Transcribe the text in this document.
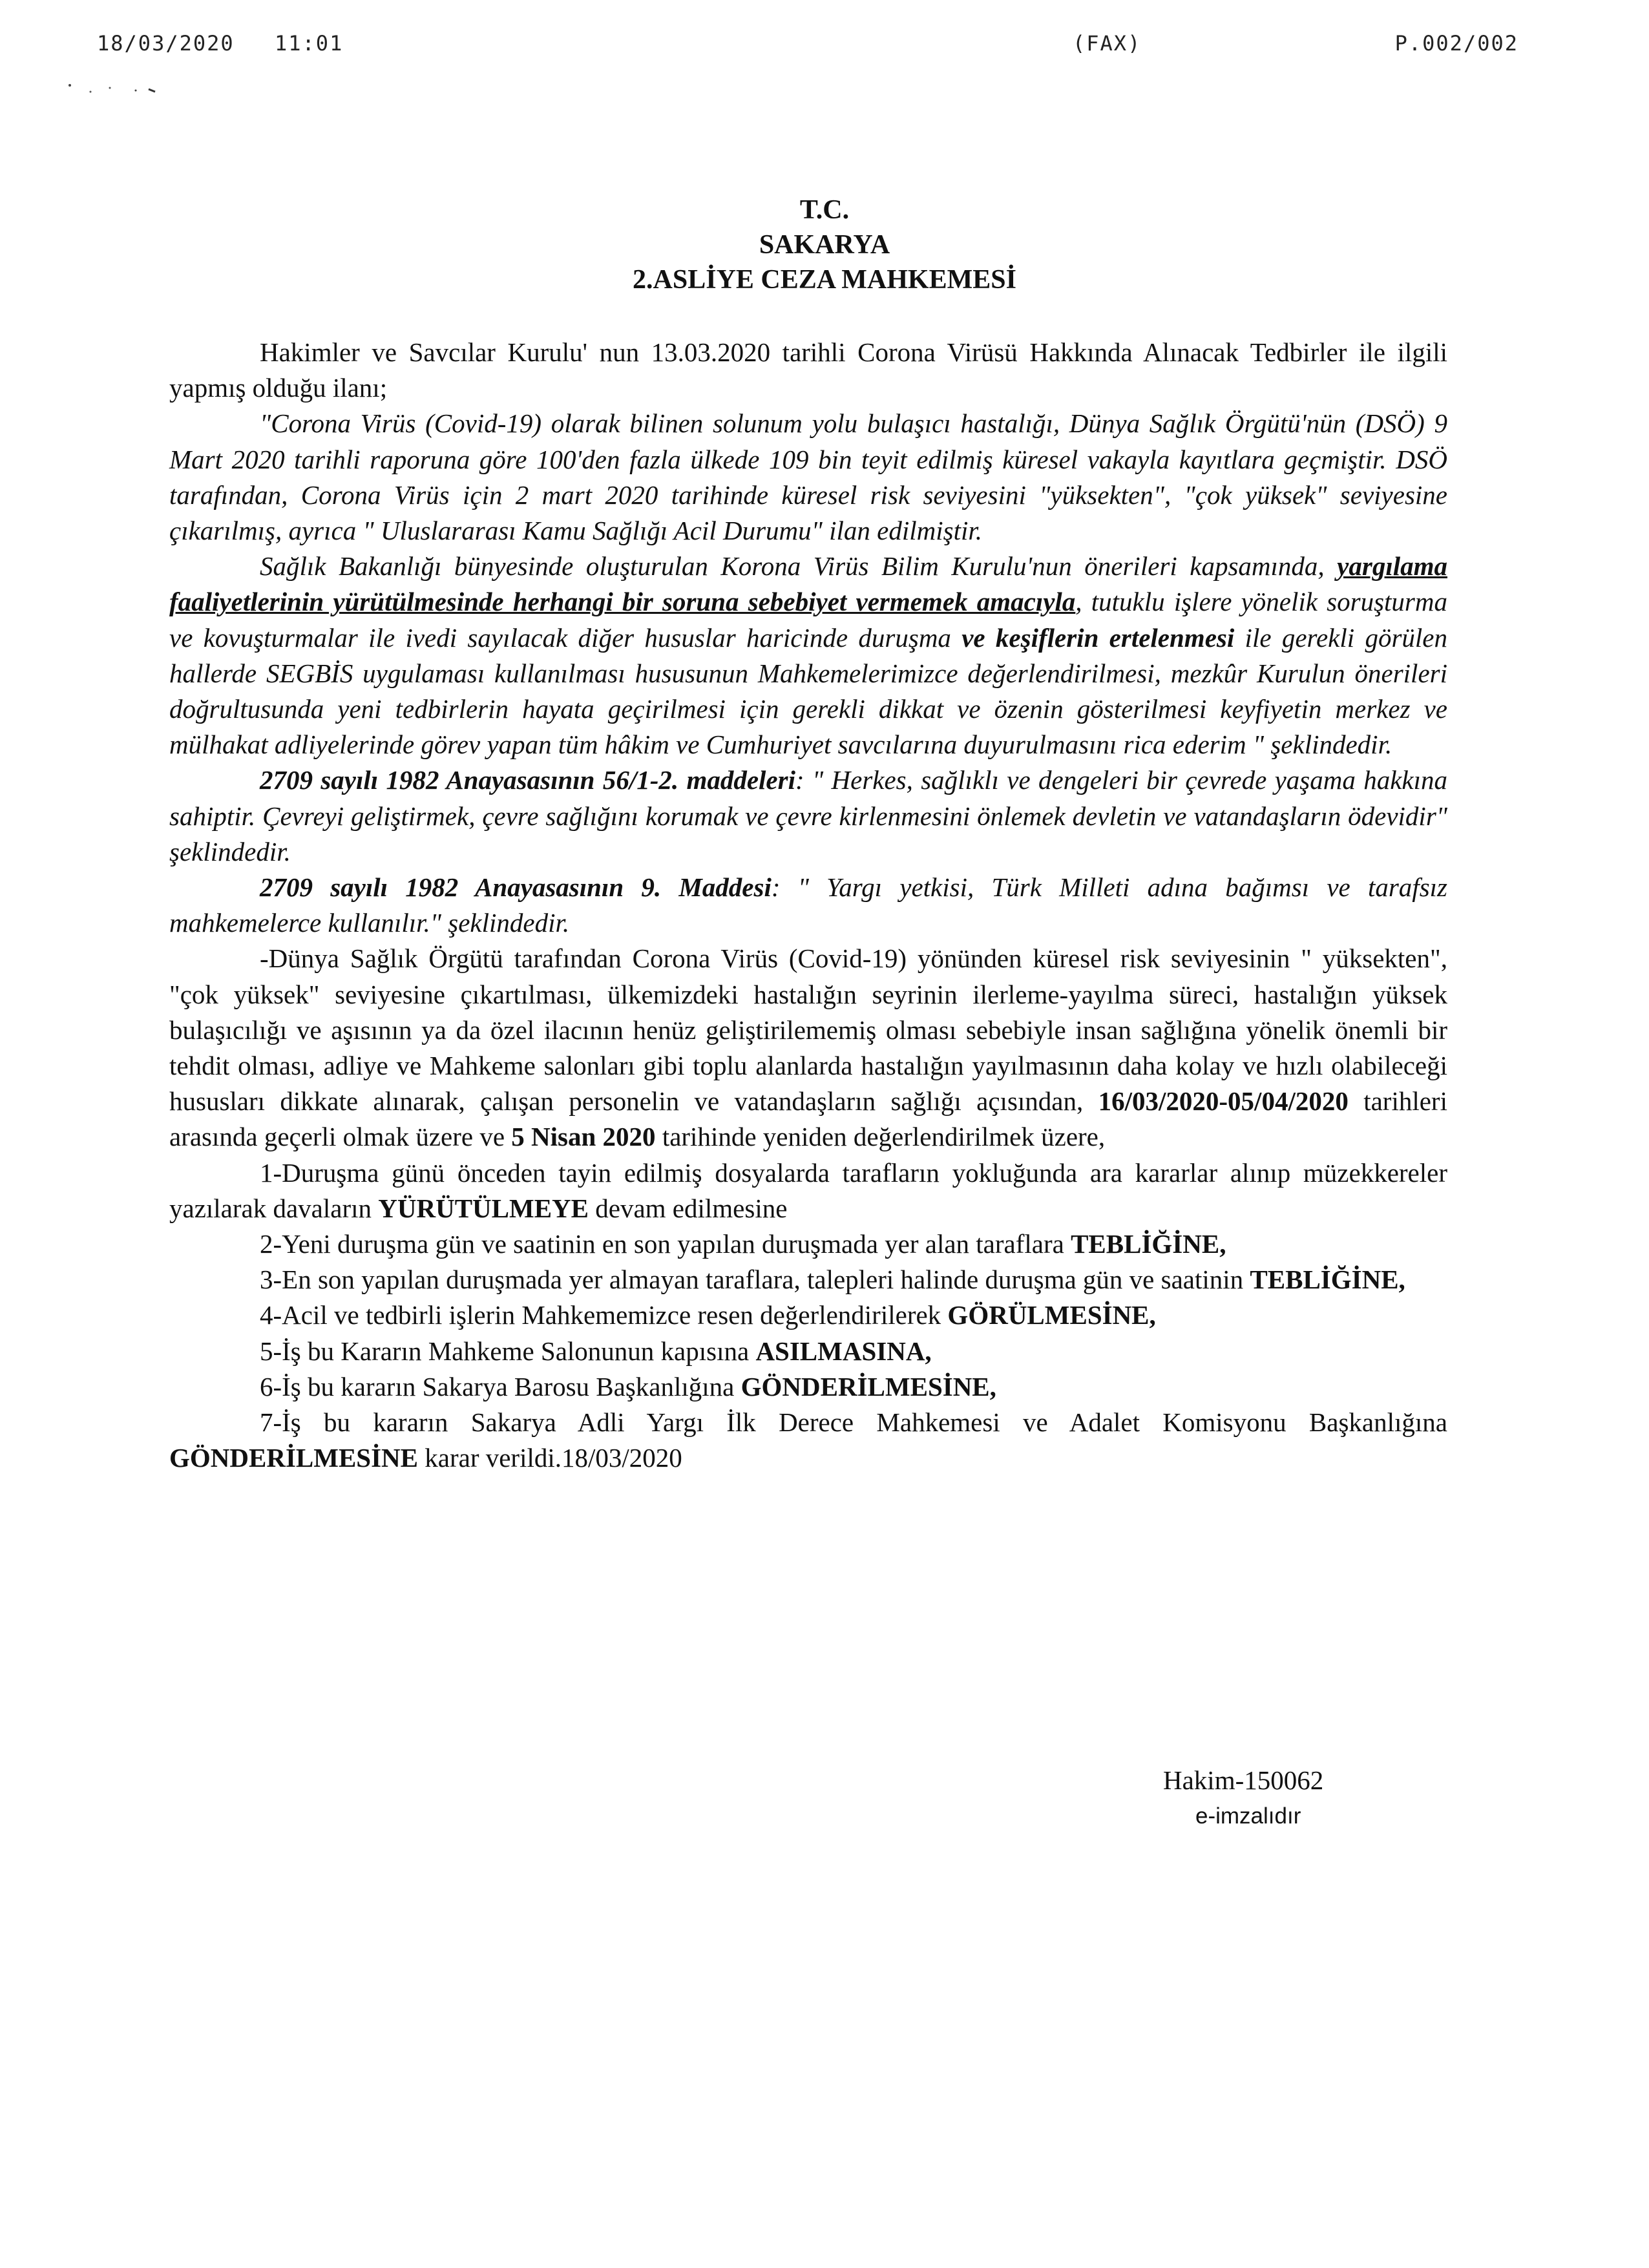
18/03/2020 11:01	(FAX)	P.002/002
T.C.
SAKARYA
2.ASLİYE CEZA MAHKEMESİ

Hakimler ve Savcılar Kurulu' nun 13.03.2020 tarihli Corona Virüsü Hakkında Alınacak Tedbirler ile ilgili yapmış olduğu ilanı;

"Corona Virüs (Covid-19) olarak bilinen solunum yolu bulaşıcı hastalığı, Dünya Sağlık Örgütü'nün (DSÖ) 9 Mart 2020 tarihli raporuna göre 100'den fazla ülkede 109 bin teyit edilmiş küresel vakayla kayıtlara geçmiştir. DSÖ tarafından, Corona Virüs için 2 mart 2020 tarihinde küresel risk seviyesini "yüksekten", "çok yüksek" seviyesine çıkarılmış, ayrıca " Uluslararası Kamu Sağlığı Acil Durumu" ilan edilmiştir.

Sağlık Bakanlığı bünyesinde oluşturulan Korona Virüs Bilim Kurulu'nun önerileri kapsamında, yargılama faaliyetlerinin yürütülmesinde herhangi bir soruna sebebiyet vermemek amacıyla, tutuklu işlere yönelik soruşturma ve kovuşturmalar ile ivedi sayılacak diğer hususlar haricinde duruşma ve keşiflerin ertelenmesi ile gerekli görülen hallerde SEGBİS uygulaması kullanılması hususunun Mahkemelerimizce değerlendirilmesi, mezkûr Kurulun önerileri doğrultusunda yeni tedbirlerin hayata geçirilmesi için gerekli dikkat ve özenin gösterilmesi keyfiyetin merkez ve mülhakat adliyelerinde görev yapan tüm hâkim ve Cumhuriyet savcılarına duyurulmasını rica ederim " şeklindedir.

2709 sayılı 1982 Anayasasının 56/1-2. maddeleri: " Herkes, sağlıklı ve dengeleri bir çevrede yaşama hakkına sahiptir. Çevreyi geliştirmek, çevre sağlığını korumak ve çevre kirlenmesini önlemek devletin ve vatandaşların ödevidir" şeklindedir.

2709 sayılı 1982 Anayasasının 9. Maddesi: " Yargı yetkisi, Türk Milleti adına bağımsı ve tarafsız mahkemelerce kullanılır." şeklindedir.

-Dünya Sağlık Örgütü tarafından Corona Virüs (Covid-19) yönünden küresel risk seviyesinin " yüksekten", "çok yüksek" seviyesine çıkartılması, ülkemizdeki hastalığın seyrinin ilerleme-yayılma süreci, hastalığın yüksek bulaşıcılığı ve aşısının ya da özel ilacının henüz geliştirilememiş olması sebebiyle insan sağlığına yönelik önemli bir tehdit olması, adliye ve Mahkeme salonları gibi toplu alanlarda hastalığın yayılmasının daha kolay ve hızlı olabileceği hususları dikkate alınarak, çalışan personelin ve vatandaşların sağlığı açısından, 16/03/2020-05/04/2020 tarihleri arasında geçerli olmak üzere ve 5 Nisan 2020 tarihinde yeniden değerlendirilmek üzere,

1-Duruşma günü önceden tayin edilmiş dosyalarda tarafların yokluğunda ara kararlar alınıp müzekkereler yazılarak davaların YÜRÜTÜLMEYE devam edilmesine

2-Yeni duruşma gün ve saatinin en son yapılan duruşmada yer alan taraflara TEBLİĞİNE,

3-En son yapılan duruşmada yer almayan taraflara, talepleri halinde duruşma gün ve saatinin TEBLİĞİNE,

4-Acil ve tedbirli işlerin Mahkememizce resen değerlendirilerek GÖRÜLMESİNE,

5-İş bu Kararın Mahkeme Salonunun kapısına ASILMASINA,

6-İş bu kararın Sakarya Barosu Başkanlığına GÖNDERİLMESİNE,

7-İş bu kararın Sakarya Adli Yargı İlk Derece Mahkemesi ve Adalet Komisyonu Başkanlığına GÖNDERİLMESİNE karar verildi.18/03/2020

Hakim-150062
e-imzalıdır
